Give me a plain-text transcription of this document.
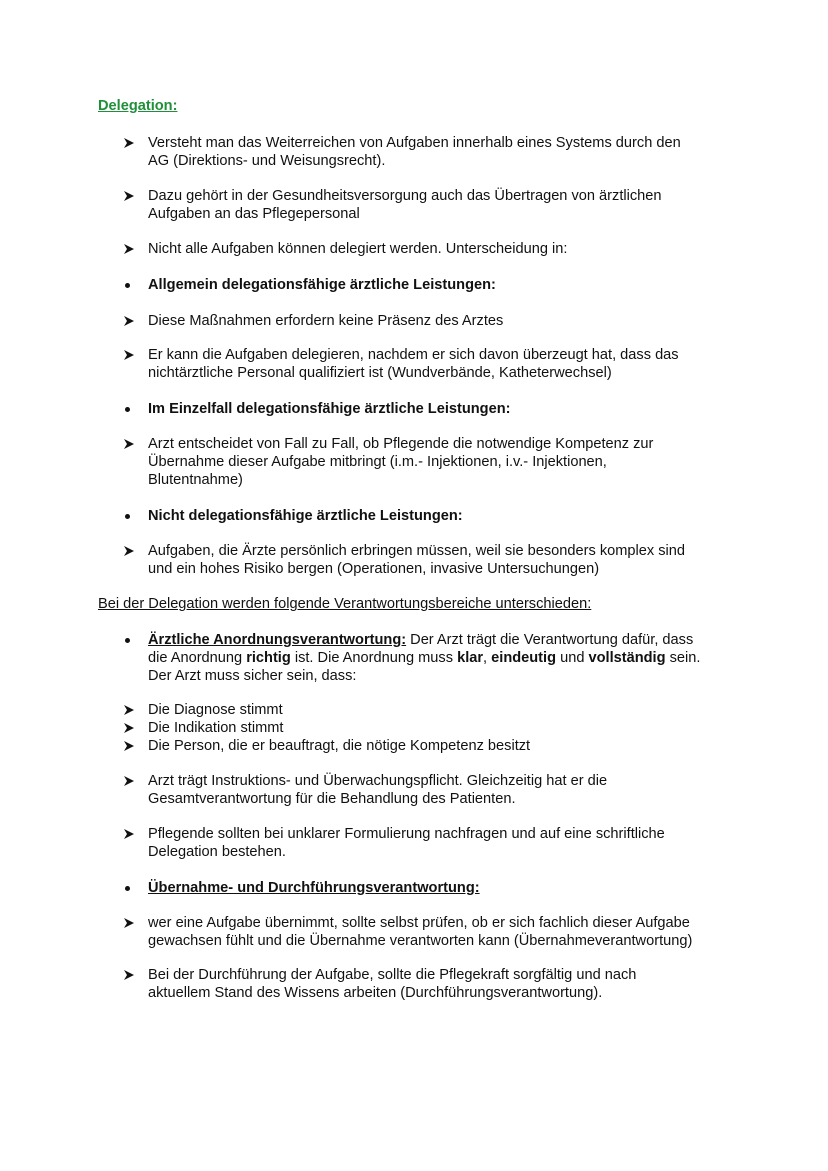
Delegation:
Versteht man das Weiterreichen von Aufgaben innerhalb eines Systems durch den
AG (Direktions- und Weisungsrecht).
Dazu gehört in der Gesundheitsversorgung auch das Übertragen von ärztlichen
Aufgaben an das Pflegepersonal
Nicht alle Aufgaben können delegiert werden. Unterscheidung in:
Allgemein delegationsfähige ärztliche Leistungen:
Diese Maßnahmen erfordern keine Präsenz des Arztes
Er kann die Aufgaben delegieren, nachdem er sich davon überzeugt hat, dass das
nichtärztliche Personal qualifiziert ist (Wundverbände, Katheterwechsel)
Im Einzelfall delegationsfähige ärztliche Leistungen:
Arzt entscheidet von Fall zu Fall, ob Pflegende die notwendige Kompetenz zur
Übernahme dieser Aufgabe mitbringt (i.m.- Injektionen, i.v.- Injektionen,
Blutentnahme)
Nicht delegationsfähige ärztliche Leistungen:
Aufgaben, die Ärzte persönlich erbringen müssen, weil sie besonders komplex sind
und ein hohes Risiko bergen (Operationen, invasive Untersuchungen)
Bei der Delegation werden folgende Verantwortungsbereiche unterschieden:
Ärztliche Anordnungsverantwortung: Der Arzt trägt die Verantwortung dafür, dass
die Anordnung richtig ist. Die Anordnung muss klar, eindeutig und vollständig sein.
Der Arzt muss sicher sein, dass:
Die Diagnose stimmt
Die Indikation stimmt
Die Person, die er beauftragt, die nötige Kompetenz besitzt
Arzt trägt Instruktions- und Überwachungspflicht. Gleichzeitig hat er die
Gesamtverantwortung für die Behandlung des Patienten.
Pflegende sollten bei unklarer Formulierung nachfragen und auf eine schriftliche
Delegation bestehen.
Übernahme- und Durchführungsverantwortung:
wer eine Aufgabe übernimmt, sollte selbst prüfen, ob er sich fachlich dieser Aufgabe
gewachsen fühlt und die Übernahme verantworten kann (Übernahmeverantwortung)
Bei der Durchführung der Aufgabe, sollte die Pflegekraft sorgfältig und nach
aktuellem Stand des Wissens arbeiten (Durchführungsverantwortung).
